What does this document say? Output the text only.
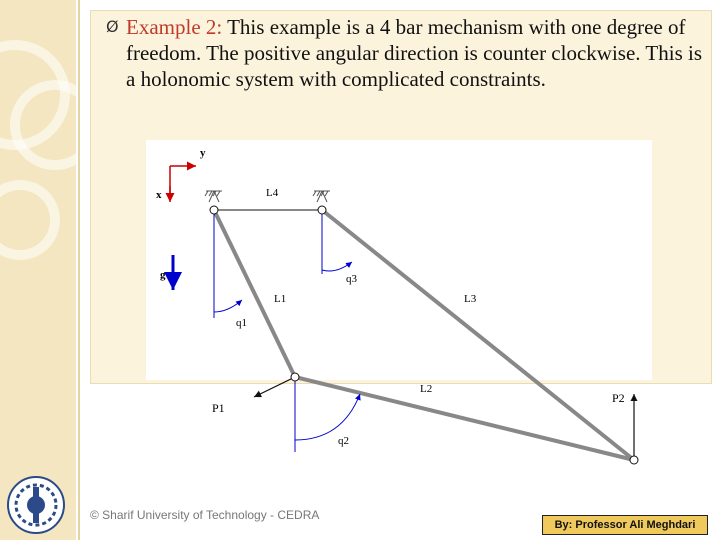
Ø Example 2: This example is a 4 bar mechanism with one degree of freedom. The positive angular direction is counter clockwise. This is a holonomic system with complicated constraints.
y
x
g
L4
L1	L3
L2
q1
q3
q2
P1
P2
© Sharif University of Technology - CEDRA
By: Professor Ali Meghdari
